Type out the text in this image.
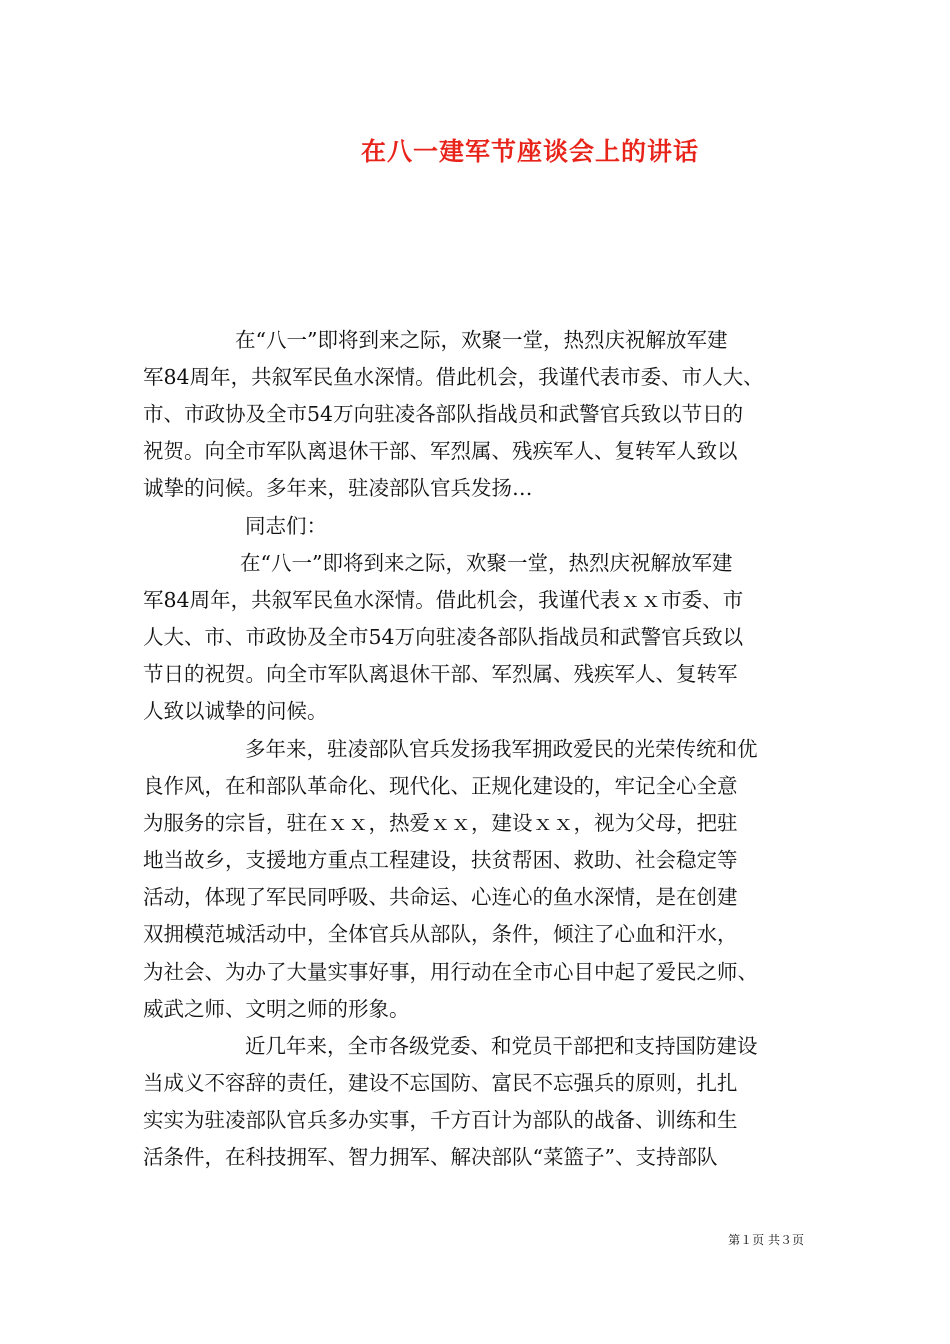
在八一建军节座谈会上的讲话
在“八一”即将到来之际，欢聚一堂，热烈庆祝解放军建
军84周年，共叙军民鱼水深情。借此机会，我谨代表市委、市人大、
市、市政协及全市54万向驻凌各部队指战员和武警官兵致以节日的
祝贺。向全市军队离退休干部、军烈属、残疾军人、复转军人致以
诚挚的问候。多年来，驻凌部队官兵发扬…
同志们：
在“八一”即将到来之际，欢聚一堂，热烈庆祝解放军建
军84周年，共叙军民鱼水深情。借此机会，我谨代表ｘｘ市委、市
人大、市、市政协及全市54万向驻凌各部队指战员和武警官兵致以
节日的祝贺。向全市军队离退休干部、军烈属、残疾军人、复转军
人致以诚挚的问候。
多年来，驻凌部队官兵发扬我军拥政爱民的光荣传统和优
良作风，在和部队革命化、现代化、正规化建设的，牢记全心全意
为服务的宗旨，驻在ｘｘ，热爱ｘｘ，建设ｘｘ，视为父母，把驻
地当故乡，支援地方重点工程建设，扶贫帮困、救助、社会稳定等
活动，体现了军民同呼吸、共命运、心连心的鱼水深情，是在创建
双拥模范城活动中，全体官兵从部队，条件，倾注了心血和汗水，
为社会、为办了大量实事好事，用行动在全市心目中起了爱民之师、
威武之师、文明之师的形象。
近几年来，全市各级党委、和党员干部把和支持国防建设
当成义不容辞的责任，建设不忘国防、富民不忘强兵的原则，扎扎
实实为驻凌部队官兵多办实事，千方百计为部队的战备、训练和生
活条件，在科技拥军、智力拥军、解决部队“菜篮子”、支持部队
第１页 共３页
